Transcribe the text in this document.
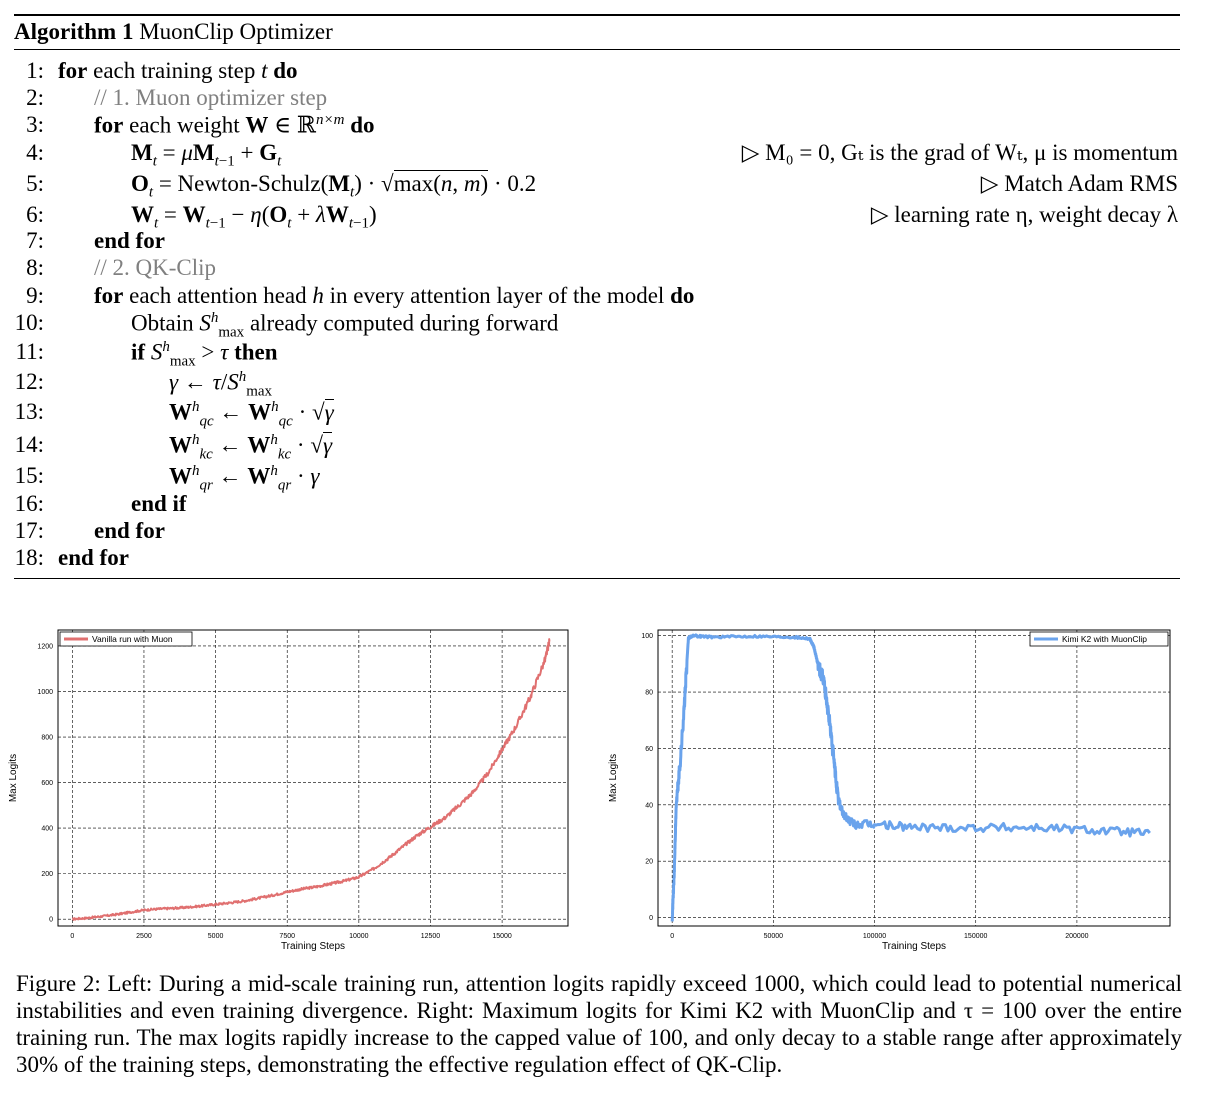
Algorithm 1 MuonClip Optimizer
for each training step t do
// 1. Muon optimizer step
for each weight W ∈ ℝ$^{n\times m}$ do
$M_t = \mu M_{t-1} + G_t$	▷ M₀ = 0, Gₜ is the grad of Wₜ, μ is momentum
$O_t$ = Newton-$Schulz(M_t) \cdot √\max(n$, m) · 0.2	▷ Match Adam RMS
$W_t = W_{t-1} - \eta(O_t + \lambda W_{t-1})$	▷ learning rate η, weight decay λ
end for
// 2. QK-Clip
for each attention head h in every attention layer of the model do
Obtain $S^h_{max}$ already computed during forward
if $S^h_{max} > \tau$ then
γ ← $\tau/S^h_{max}$
$W^h_{qc}$ ← $W^h_{qc} \cdot √\gamma$
$W^h_{kc}$ ← $W^h_{kc} \cdot √\gamma$
$W^h_{qr}$ ← $W^h_{qr} \cdot \gamma$
end if
end for
end for
1:
2:
3:
4:
5:
6:
7:
8:
9:
10:
11:
12:
13:
14:
15:
16:
17:
18:
0	2500	5000	7500	10000	12500	15000
0
200
400
600
800
1000
1200
Training Steps
Max Logits
Vanilla run with Muon
0	50000	100000	150000	200000
0
20
40
60
80
100
Training Steps
Max Logits
Kimi K2 with MuonClip
Figure 2: Left: During a mid-scale training run, attention logits rapidly exceed 1000, which could lead to potential numerical instabilities and even training divergence. Right: Maximum logits for Kimi K2 with MuonClip and τ = 100 over the entire training run. The max logits rapidly increase to the capped value of 100, and only decay to a stable range after approximately 30% of the training steps, demonstrating the effective regulation effect of QK-Clip.
